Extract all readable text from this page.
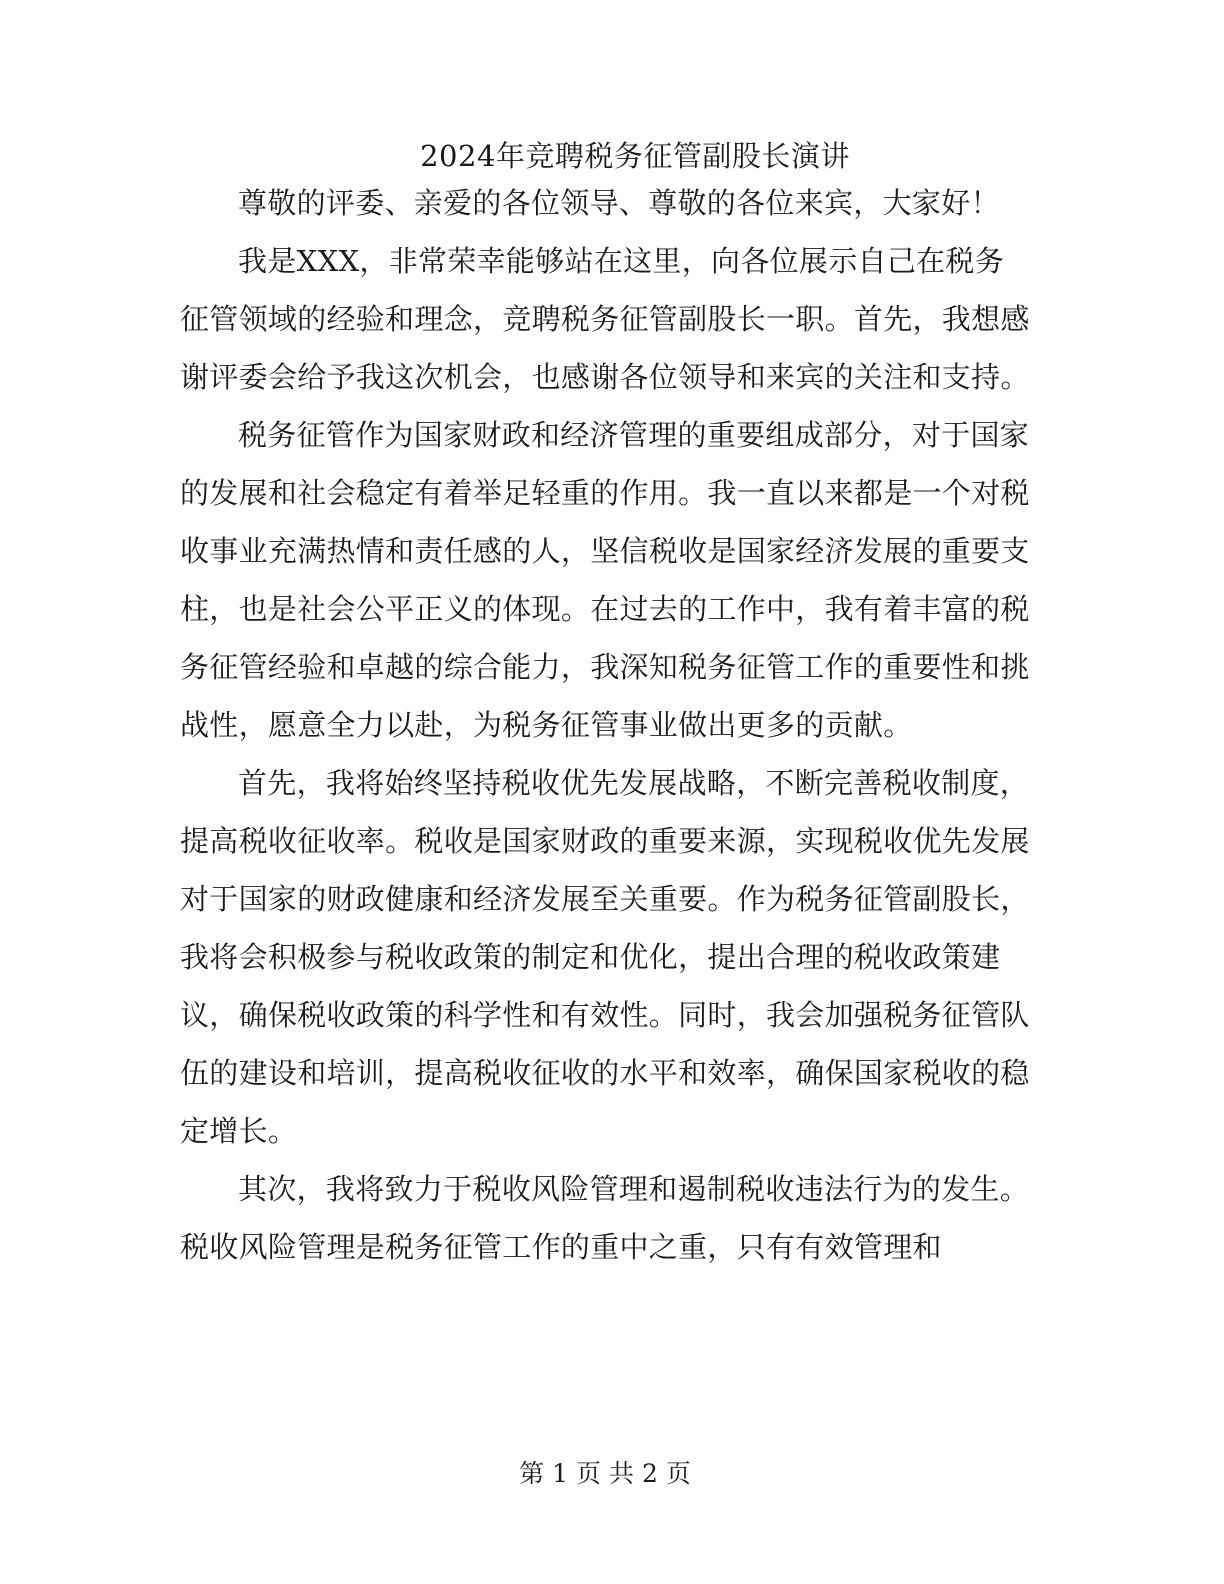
2024年竞聘税务征管副股长演讲

尊敬的评委、亲爱的各位领导、尊敬的各位来宾，大家好！

我是XXX，非常荣幸能够站在这里，向各位展示自己在税务征管领域的经验和理念，竞聘税务征管副股长一职。首先，我想感谢评委会给予我这次机会，也感谢各位领导和来宾的关注和支持。

税务征管作为国家财政和经济管理的重要组成部分，对于国家的发展和社会稳定有着举足轻重的作用。我一直以来都是一个对税收事业充满热情和责任感的人，坚信税收是国家经济发展的重要支柱，也是社会公平正义的体现。在过去的工作中，我有着丰富的税务征管经验和卓越的综合能力，我深知税务征管工作的重要性和挑战性，愿意全力以赴，为税务征管事业做出更多的贡献。

首先，我将始终坚持税收优先发展战略，不断完善税收制度，提高税收征收率。税收是国家财政的重要来源，实现税收优先发展对于国家的财政健康和经济发展至关重要。作为税务征管副股长，我将会积极参与税收政策的制定和优化，提出合理的税收政策建议，确保税收政策的科学性和有效性。同时，我会加强税务征管队伍的建设和培训，提高税收征收的水平和效率，确保国家税收的稳定增长。

其次，我将致力于税收风险管理和遏制税收违法行为的发生。税收风险管理是税务征管工作的重中之重，只有有效管理和

第 1 页 共 2 页
